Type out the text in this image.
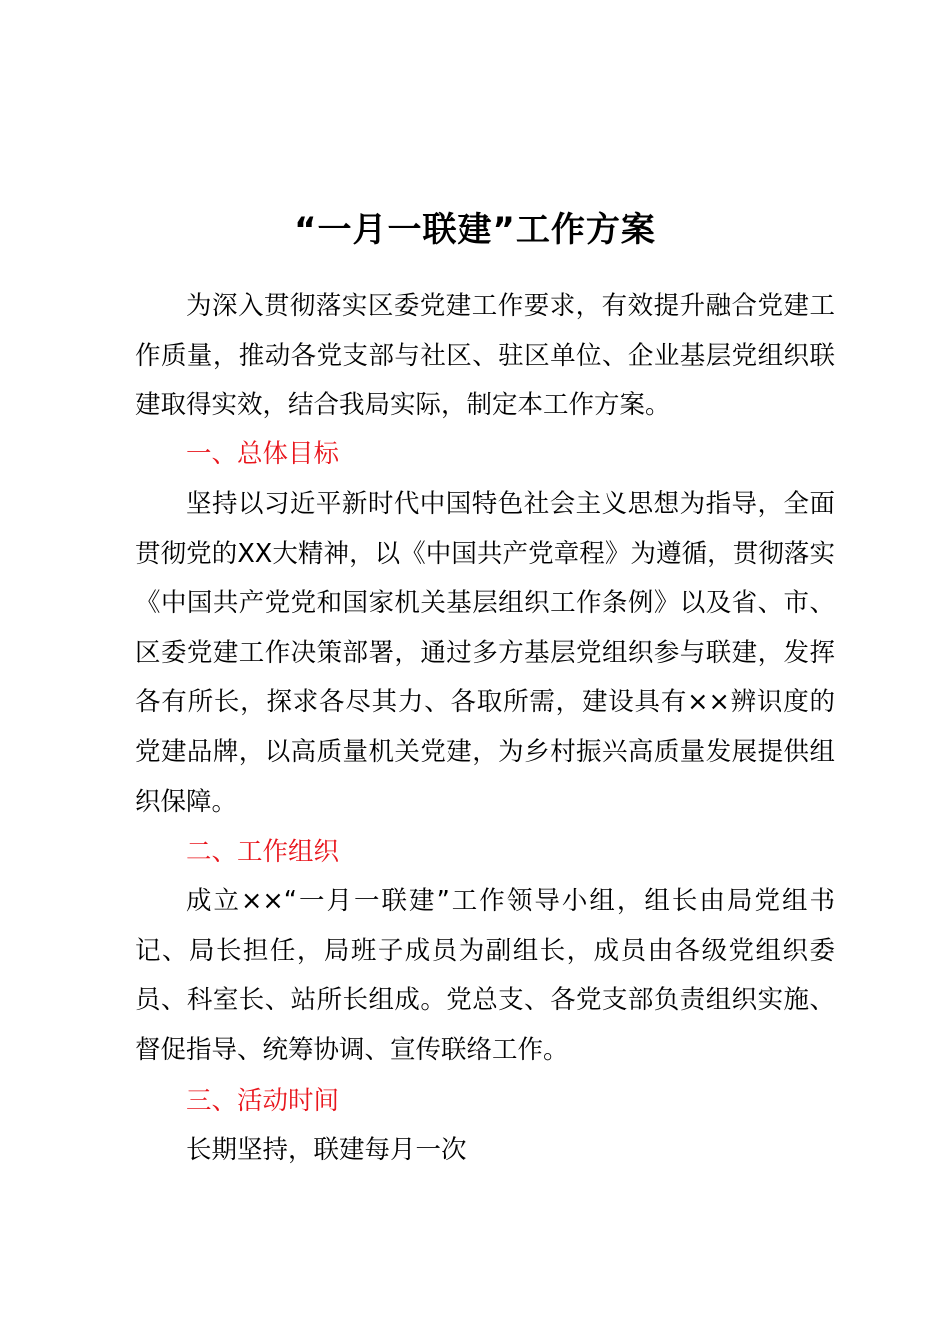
“一月一联建”工作方案

为深入贯彻落实区委党建工作要求，有效提升融合党建工作质量，推动各党支部与社区、驻区单位、企业基层党组织联建取得实效，结合我局实际，制定本工作方案。

一、总体目标

坚持以习近平新时代中国特色社会主义思想为指导，全面贯彻党的XX大精神，以《中国共产党章程》为遵循，贯彻落实《中国共产党党和国家机关基层组织工作条例》以及省、市、区委党建工作决策部署，通过多方基层党组织参与联建，发挥各有所长，探求各尽其力、各取所需，建设具有××辨识度的党建品牌，以高质量机关党建，为乡村振兴高质量发展提供组织保障。

二、工作组织

成立××“一月一联建”工作领导小组，组长由局党组书记、局长担任，局班子成员为副组长，成员由各级党组织委员、科室长、站所长组成。党总支、各党支部负责组织实施、督促指导、统筹协调、宣传联络工作。

三、活动时间

长期坚持，联建每月一次
